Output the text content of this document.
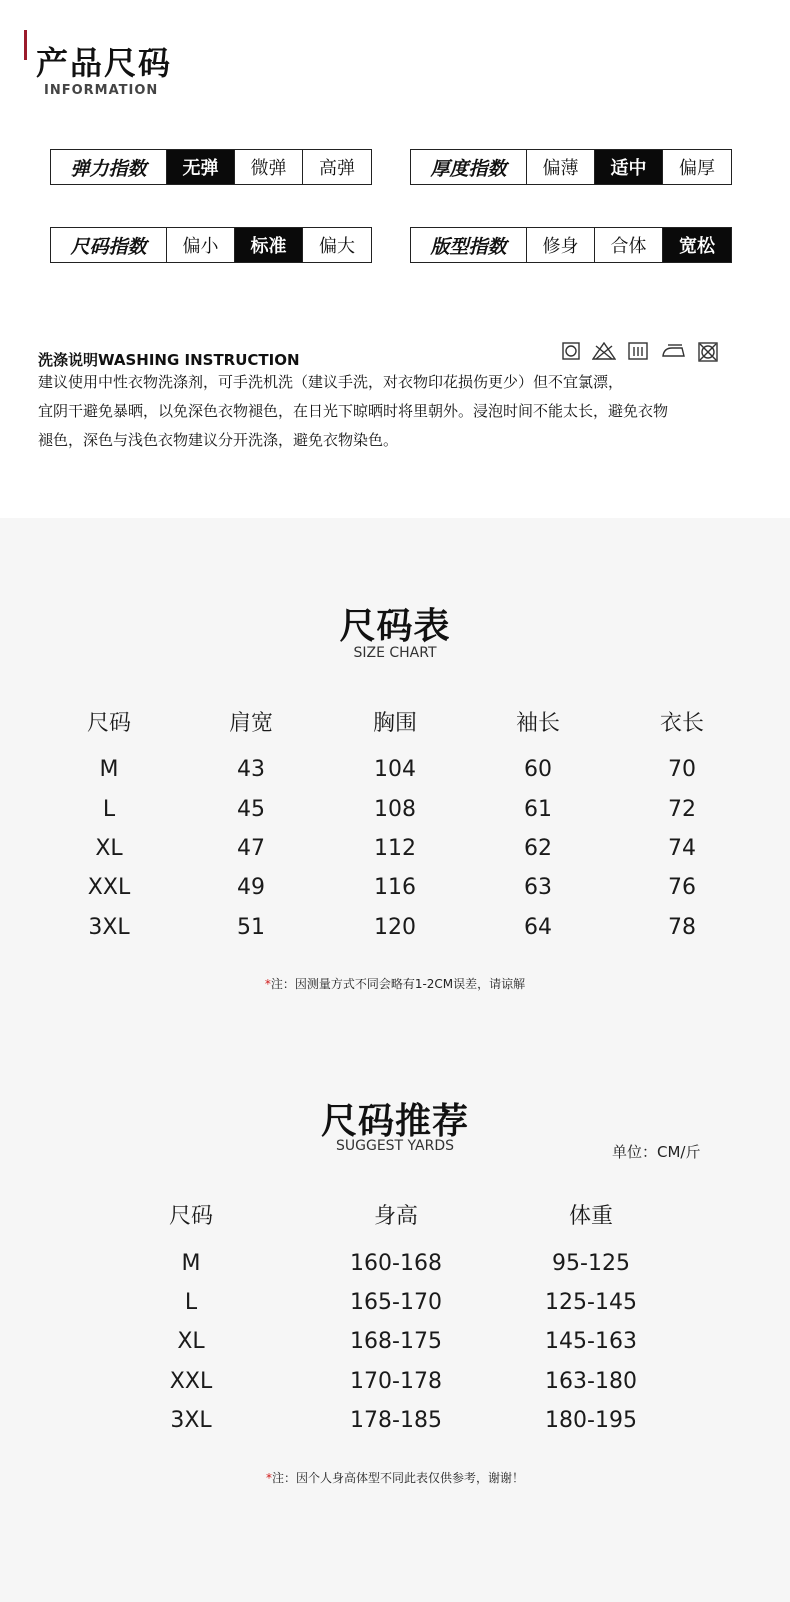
产品尺码
INFORMATION
弹力指数	无弹	微弹	高弹	厚度指数	偏薄	适中	偏厚
尺码指数	偏小	标准	偏大	版型指数	修身	合体	宽松
洗涤说明WASHING INSTRUCTION
建议使用中性衣物洗涤剂，可手洗机洗（建议手洗，对衣物印花损伤更少）但不宜氯漂，
宜阴干避免暴晒，以免深色衣物褪色，在日光下晾晒时将里朝外。浸泡时间不能太长，避免衣物
褪色，深色与浅色衣物建议分开洗涤，避免衣物染色。
尺码表
SIZE CHART
尺码	肩宽	胸围	袖长	衣长
M	43	104	60	70
L	45	108	61	72
XL	47	112	62	74
XXL	49	116	63	76
3XL	51	120	64	78
*注：因测量方式不同会略有1-2CM误差，请谅解
尺码推荐
SUGGEST YARDS	单位：CM/斤
尺码	身高	体重
M	160-168	95-125
L	165-170	125-145
XL	168-175	145-163
XXL	170-178	163-180
3XL	178-185	180-195
*注：因个人身高体型不同此表仅供参考，谢谢！
